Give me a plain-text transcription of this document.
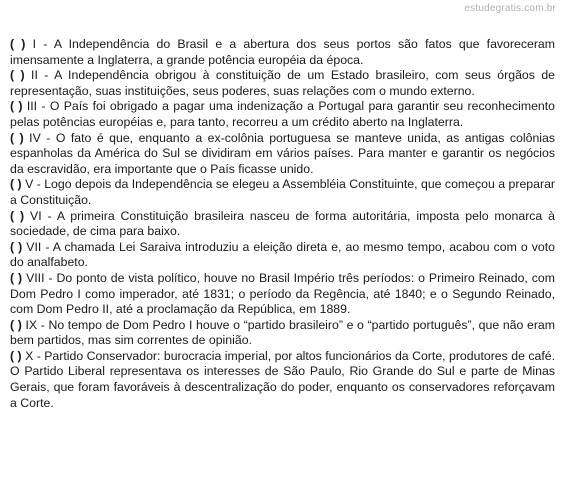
estudegratis.com.br

( ) I - A Independência do Brasil e a abertura dos seus portos são fatos que favoreceram imensamente a Inglaterra, a grande potência européia da época.

( ) II - A Independência obrigou à constituição de um Estado brasileiro, com seus órgãos de representação, suas instituições, seus poderes, suas relações com o mundo externo.

( ) III - O País foi obrigado a pagar uma indenização a Portugal para garantir seu reconhecimento pelas potências européias e, para tanto, recorreu a um crédito aberto na Inglaterra.

( ) IV - O fato é que, enquanto a ex-colônia portuguesa se manteve unida, as antigas colônias espanholas da América do Sul se dividiram em vários países. Para manter e garantir os negócios da escravidão, era importante que o País ficasse unido.

( ) V - Logo depois da Independência se elegeu a Assembléia Constituinte, que começou a preparar a Constituição.

( ) VI - A primeira Constituição brasileira nasceu de forma autoritária, imposta pelo monarca à sociedade, de cima para baixo.

( ) VII - A chamada Lei Saraiva introduziu a eleição direta e, ao mesmo tempo, acabou com o voto do analfabeto.

( ) VIII - Do ponto de vista político, houve no Brasil Império três períodos: o Primeiro Reinado, com Dom Pedro I como imperador, até 1831; o período da Regência, até 1840; e o Segundo Reinado, com Dom Pedro II, até a proclamação da República, em 1889.

( ) IX - No tempo de Dom Pedro I houve o “partido brasileiro” e o “partido português”, que não eram bem partidos, mas sim correntes de opinião.

( ) X - Partido Conservador: burocracia imperial, por altos funcionários da Corte, produtores de café. O Partido Liberal representava os interesses de São Paulo, Rio Grande do Sul e parte de Minas Gerais, que foram favoráveis à descentralização do poder, enquanto os conservadores reforçavam a Corte.
